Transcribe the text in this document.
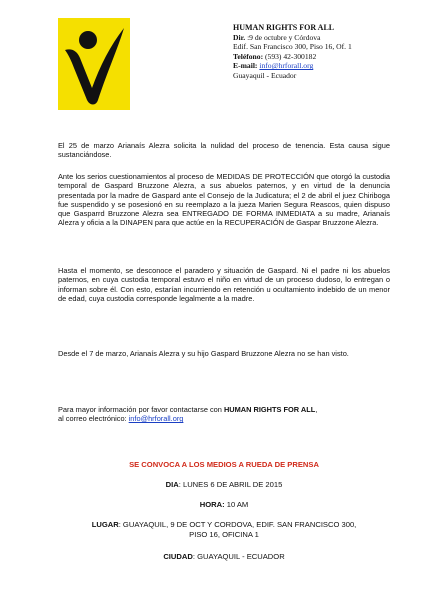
HUMAN RIGHTS FOR ALL
Dir. :9 de octubre y Córdova
Edif. San Francisco 300, Piso 16, Of. 1
Teléfono: (593) 42-300182
E-mail: info@hrforall.org
Guayaquil - Ecuador
El 25 de marzo Arianaís Alezra solicita la nulidad del proceso de tenencia. Esta causa sigue sustanciándose.
Ante los serios cuestionamientos al proceso de MEDIDAS DE PROTECCIÓN que otorgó la custodia temporal de Gaspard Bruzzone Alezra, a sus abuelos paternos, y en virtud de la denuncia presentada por la madre de Gaspard ante el Consejo de la Judicatura; el 2 de abril el juez Chiriboga fue suspendido y se posesionó en su reemplazo a la jueza Marien Segura Reascos, quien dispuso que Gasparrd Bruzzone Alezra sea ENTREGADO DE FORMA INMEDIATA a su madre, Arianaís Alezra y oficia a la DINAPEN para que actúe en la RECUPERACIÓN de Gaspar Bruzzone Alezra.
Hasta el momento, se desconoce el paradero y situación de Gaspard. Ni el padre ni los abuelos paternos, en cuya custodia temporal estuvo el niño en virtud de un proceso dudoso, lo entregan o informan sobre él. Con esto, estarían incurriendo en retención u ocultamiento indebido de un menor de edad, cuya custodia corresponde legalmente a la madre.
Desde el 7 de marzo, Arianaís Alezra y su hijo Gaspard Bruzzone Alezra no se han visto.
Para mayor información por favor contactarse con HUMAN RIGHTS FOR ALL,
al correo electrónico: info@hrforall.org
SE CONVOCA A LOS MEDIOS A RUEDA DE PRENSA
DIA: LUNES 6 DE ABRIL DE 2015
HORA: 10 AM
LUGAR: GUAYAQUIL, 9 DE OCT Y CORDOVA, EDIF. SAN FRANCISCO 300,
PISO 16, OFICINA 1
CIUDAD: GUAYAQUIL - ECUADOR
